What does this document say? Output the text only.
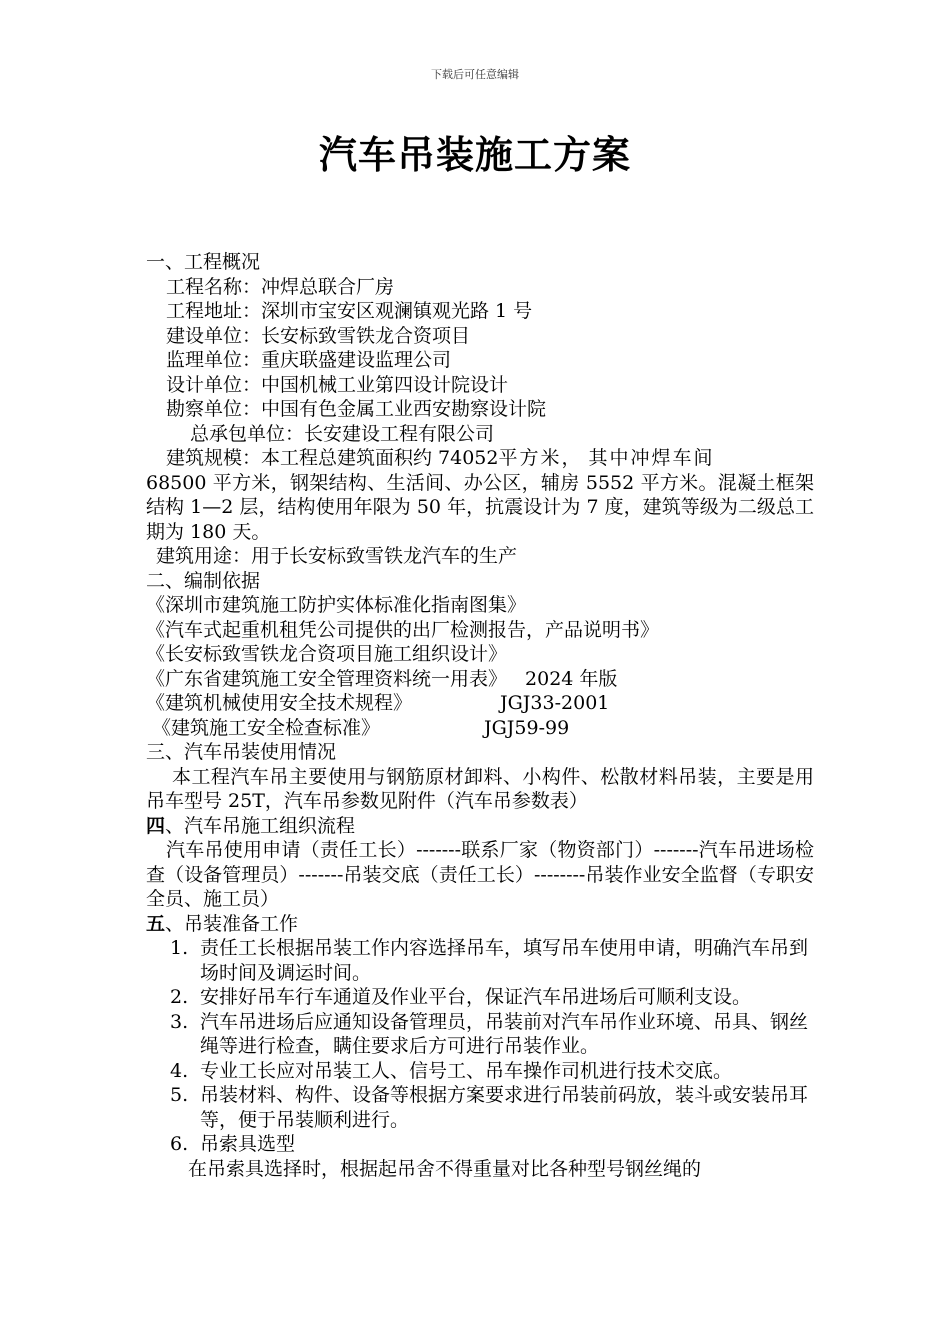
下载后可任意编辑
汽车吊装施工方案

一、工程概况

工程名称：冲焊总联合厂房

工程地址：深圳市宝安区观澜镇观光路 1 号

建设单位：长安标致雪铁龙合资项目

监理单位：重庆联盛建设监理公司

设计单位：中国机械工业第四设计院设计

勘察单位：中国有色金属工业西安勘察设计院

总承包单位：长安建设工程有限公司

建筑规模：本工程总建筑面积约 74052平方米， 其中冲焊车间

68500 平方米，钢架结构、生活间、办公区，辅房 5552 平方米。混凝土框架结构 1—2 层，结构使用年限为 50 年，抗震设计为 7 度，建筑等级为二级总工期为 180 天。

建筑用途：用于长安标致雪铁龙汽车的生产

二、编制依据

《深圳市建筑施工防护实体标准化指南图集》

《汽车式起重机租凭公司提供的出厂检测报告，产品说明书》

《长安标致雪铁龙合资项目施工组织设计》

《广东省建筑施工安全管理资料统一用表》 2024 年版

《建筑机械使用安全技术规程》	JGJ33-2001

《建筑施工安全检查标准》	JGJ59-99

三、汽车吊装使用情况

本工程汽车吊主要使用与钢筋原材卸料、小构件、松散材料吊装，主要是用吊车型号 25T，汽车吊参数见附件（汽车吊参数表）

四、汽车吊施工组织流程

汽车吊使用申请（责任工长）-------联系厂家（物资部门）-------汽车吊进场检查（设备管理员）-------吊装交底（责任工长）--------吊装作业安全监督（专职安全员、施工员）

五、吊装准备工作

1. 责任工长根据吊装工作内容选择吊车，填写吊车使用申请，明确汽车吊到场时间及调运时间。
2. 安排好吊车行车通道及作业平台，保证汽车吊进场后可顺利支设。
3. 汽车吊进场后应通知设备管理员，吊装前对汽车吊作业环境、吊具、钢丝绳等进行检查，瞒住要求后方可进行吊装作业。
4. 专业工长应对吊装工人、信号工、吊车操作司机进行技术交底。
5. 吊装材料、构件、设备等根据方案要求进行吊装前码放，装斗或安装吊耳等，便于吊装顺利进行。
6. 吊索具选型

在吊索具选择时，根据起吊舍不得重量对比各种型号钢丝绳的
